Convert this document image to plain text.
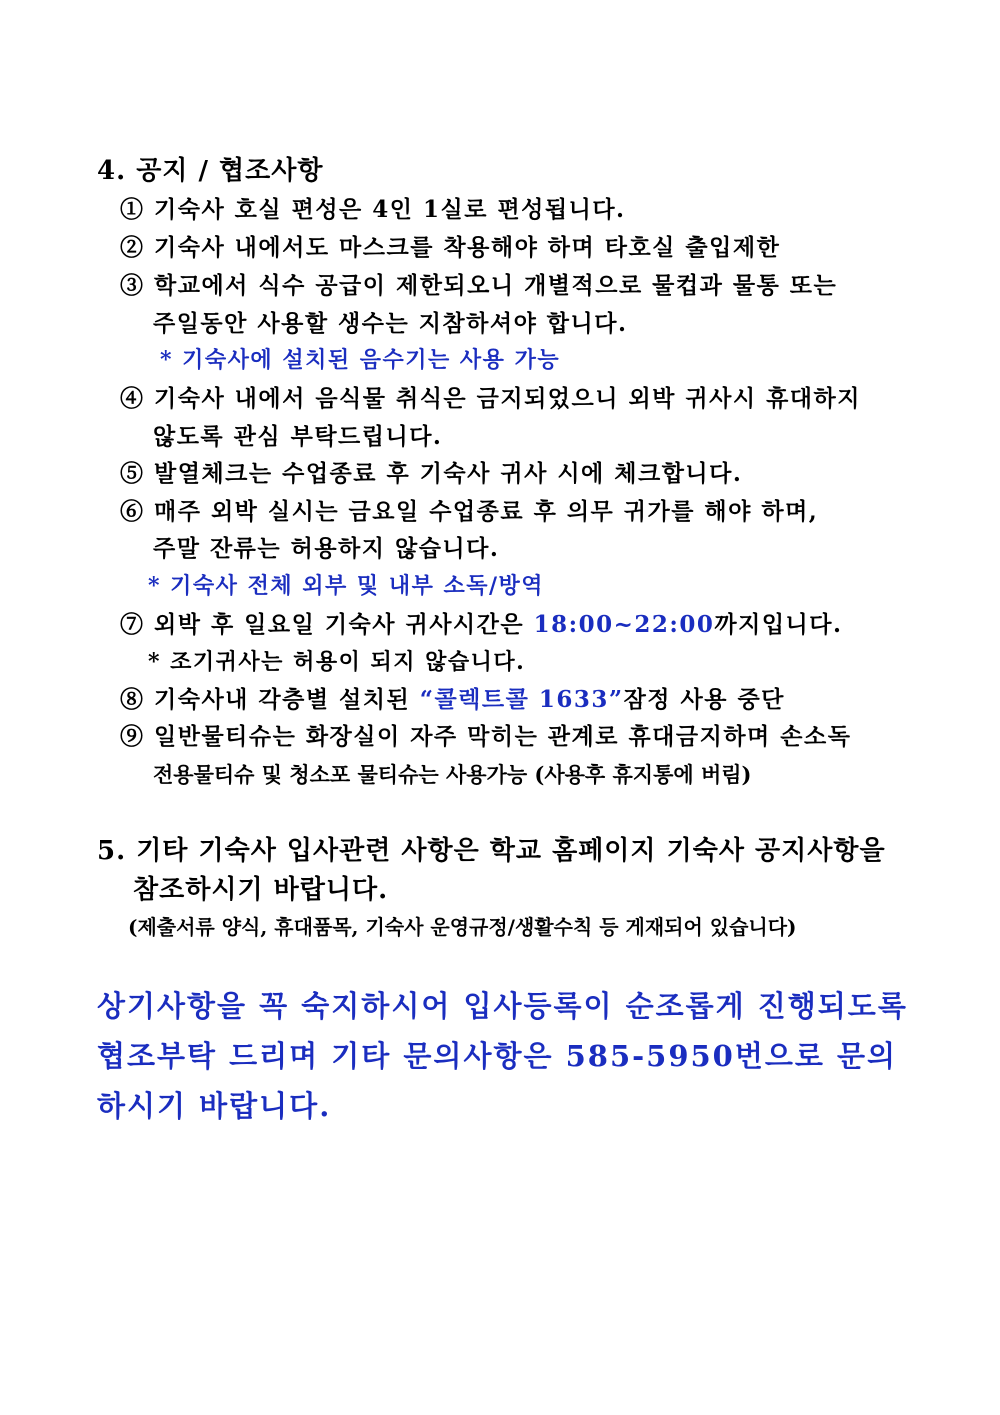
4. 공지 / 협조사항
① 기숙사 호실 편성은 4인 1실로 편성됩니다.
② 기숙사 내에서도 마스크를 착용해야 하며 타호실 출입제한
③ 학교에서 식수 공급이 제한되오니 개별적으로 물컵과 물통 또는
주일동안 사용할 생수는 지참하셔야 합니다.
* 기숙사에 설치된 음수기는 사용 가능
④ 기숙사 내에서 음식물 취식은 금지되었으니 외박 귀사시 휴대하지
않도록 관심 부탁드립니다.
⑤ 발열체크는 수업종료 후 기숙사 귀사 시에 체크합니다.
⑥ 매주 외박 실시는 금요일 수업종료 후 의무 귀가를 해야 하며,
주말 잔류는 허용하지 않습니다.
* 기숙사 전체 외부 및 내부 소독/방역
⑦ 외박 후 일요일 기숙사 귀사시간은 18:00~22:00까지입니다.
* 조기귀사는 허용이 되지 않습니다.
⑧ 기숙사내 각층별 설치된 “콜렉트콜 1633”잠정 사용 중단
⑨ 일반물티슈는 화장실이 자주 막히는 관계로 휴대금지하며 손소독
전용물티슈 및 청소포 물티슈는 사용가능 (사용후 휴지통에 버림)
5. 기타 기숙사 입사관련 사항은 학교 홈페이지 기숙사 공지사항을
참조하시기 바랍니다.
(제출서류 양식, 휴대품목, 기숙사 운영규정/생활수칙 등 게재되어 있습니다)
상기사항을 꼭 숙지하시어 입사등록이 순조롭게 진행되도록
협조부탁 드리며 기타 문의사항은 585-5950번으로 문의
하시기 바랍니다.
